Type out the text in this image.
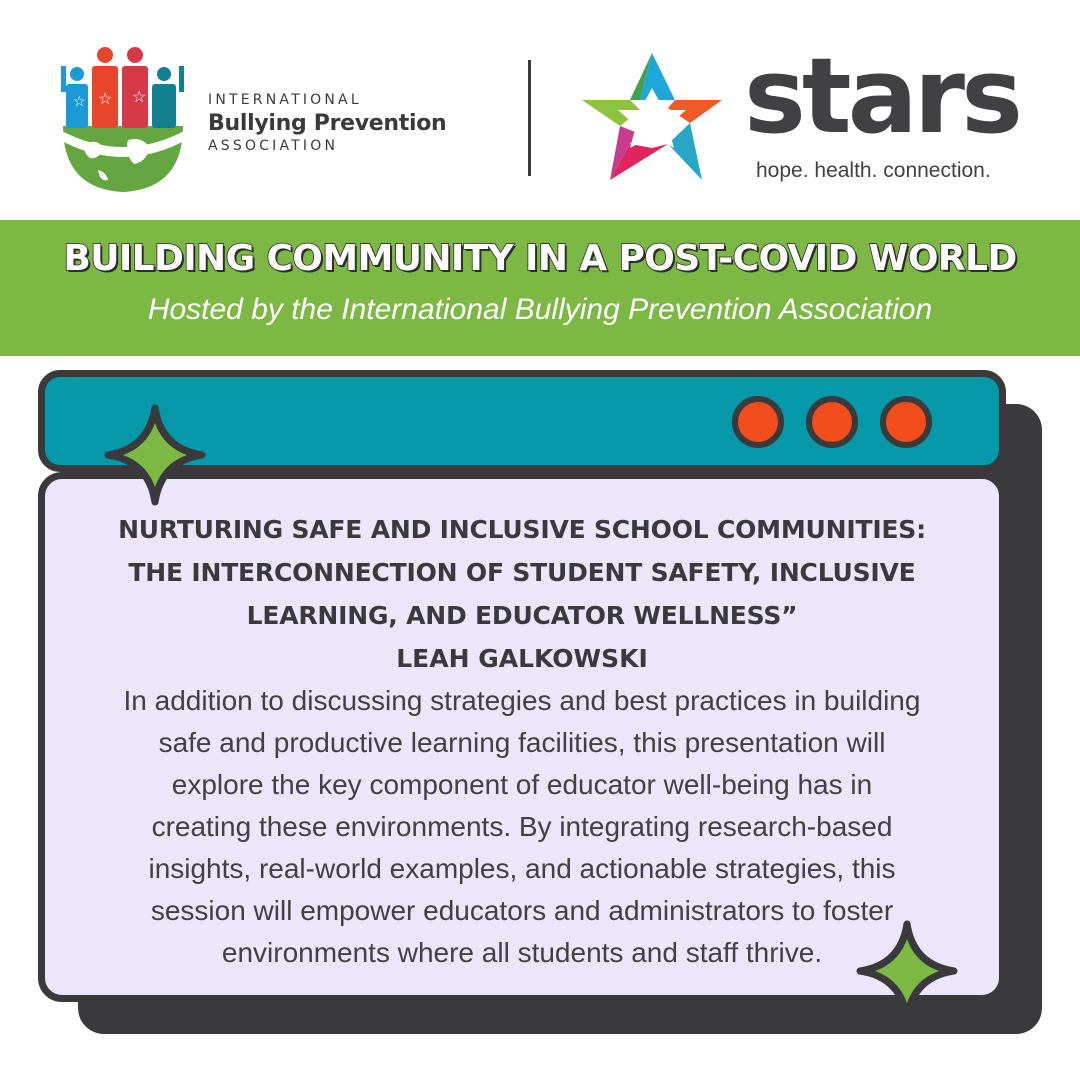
☆ ☆ ☆	INTERNATIONAL
Bullying Prevention
ASSOCIATION	stars
hope. health. connection.
BUILDING COMMUNITY IN A POST-COVID WORLD
Hosted by the International Bullying Prevention Association

NURTURING SAFE AND INCLUSIVE SCHOOL COMMUNITIES:
THE INTERCONNECTION OF STUDENT SAFETY, INCLUSIVE
LEARNING, AND EDUCATOR WELLNESS”

LEAH GALKOWSKI

In addition to discussing strategies and best practices in building
safe and productive learning facilities, this presentation will
explore the key component of educator well-being has in
creating these environments. By integrating research-based
insights, real-world examples, and actionable strategies, this
session will empower educators and administrators to foster
environments where all students and staff thrive.
